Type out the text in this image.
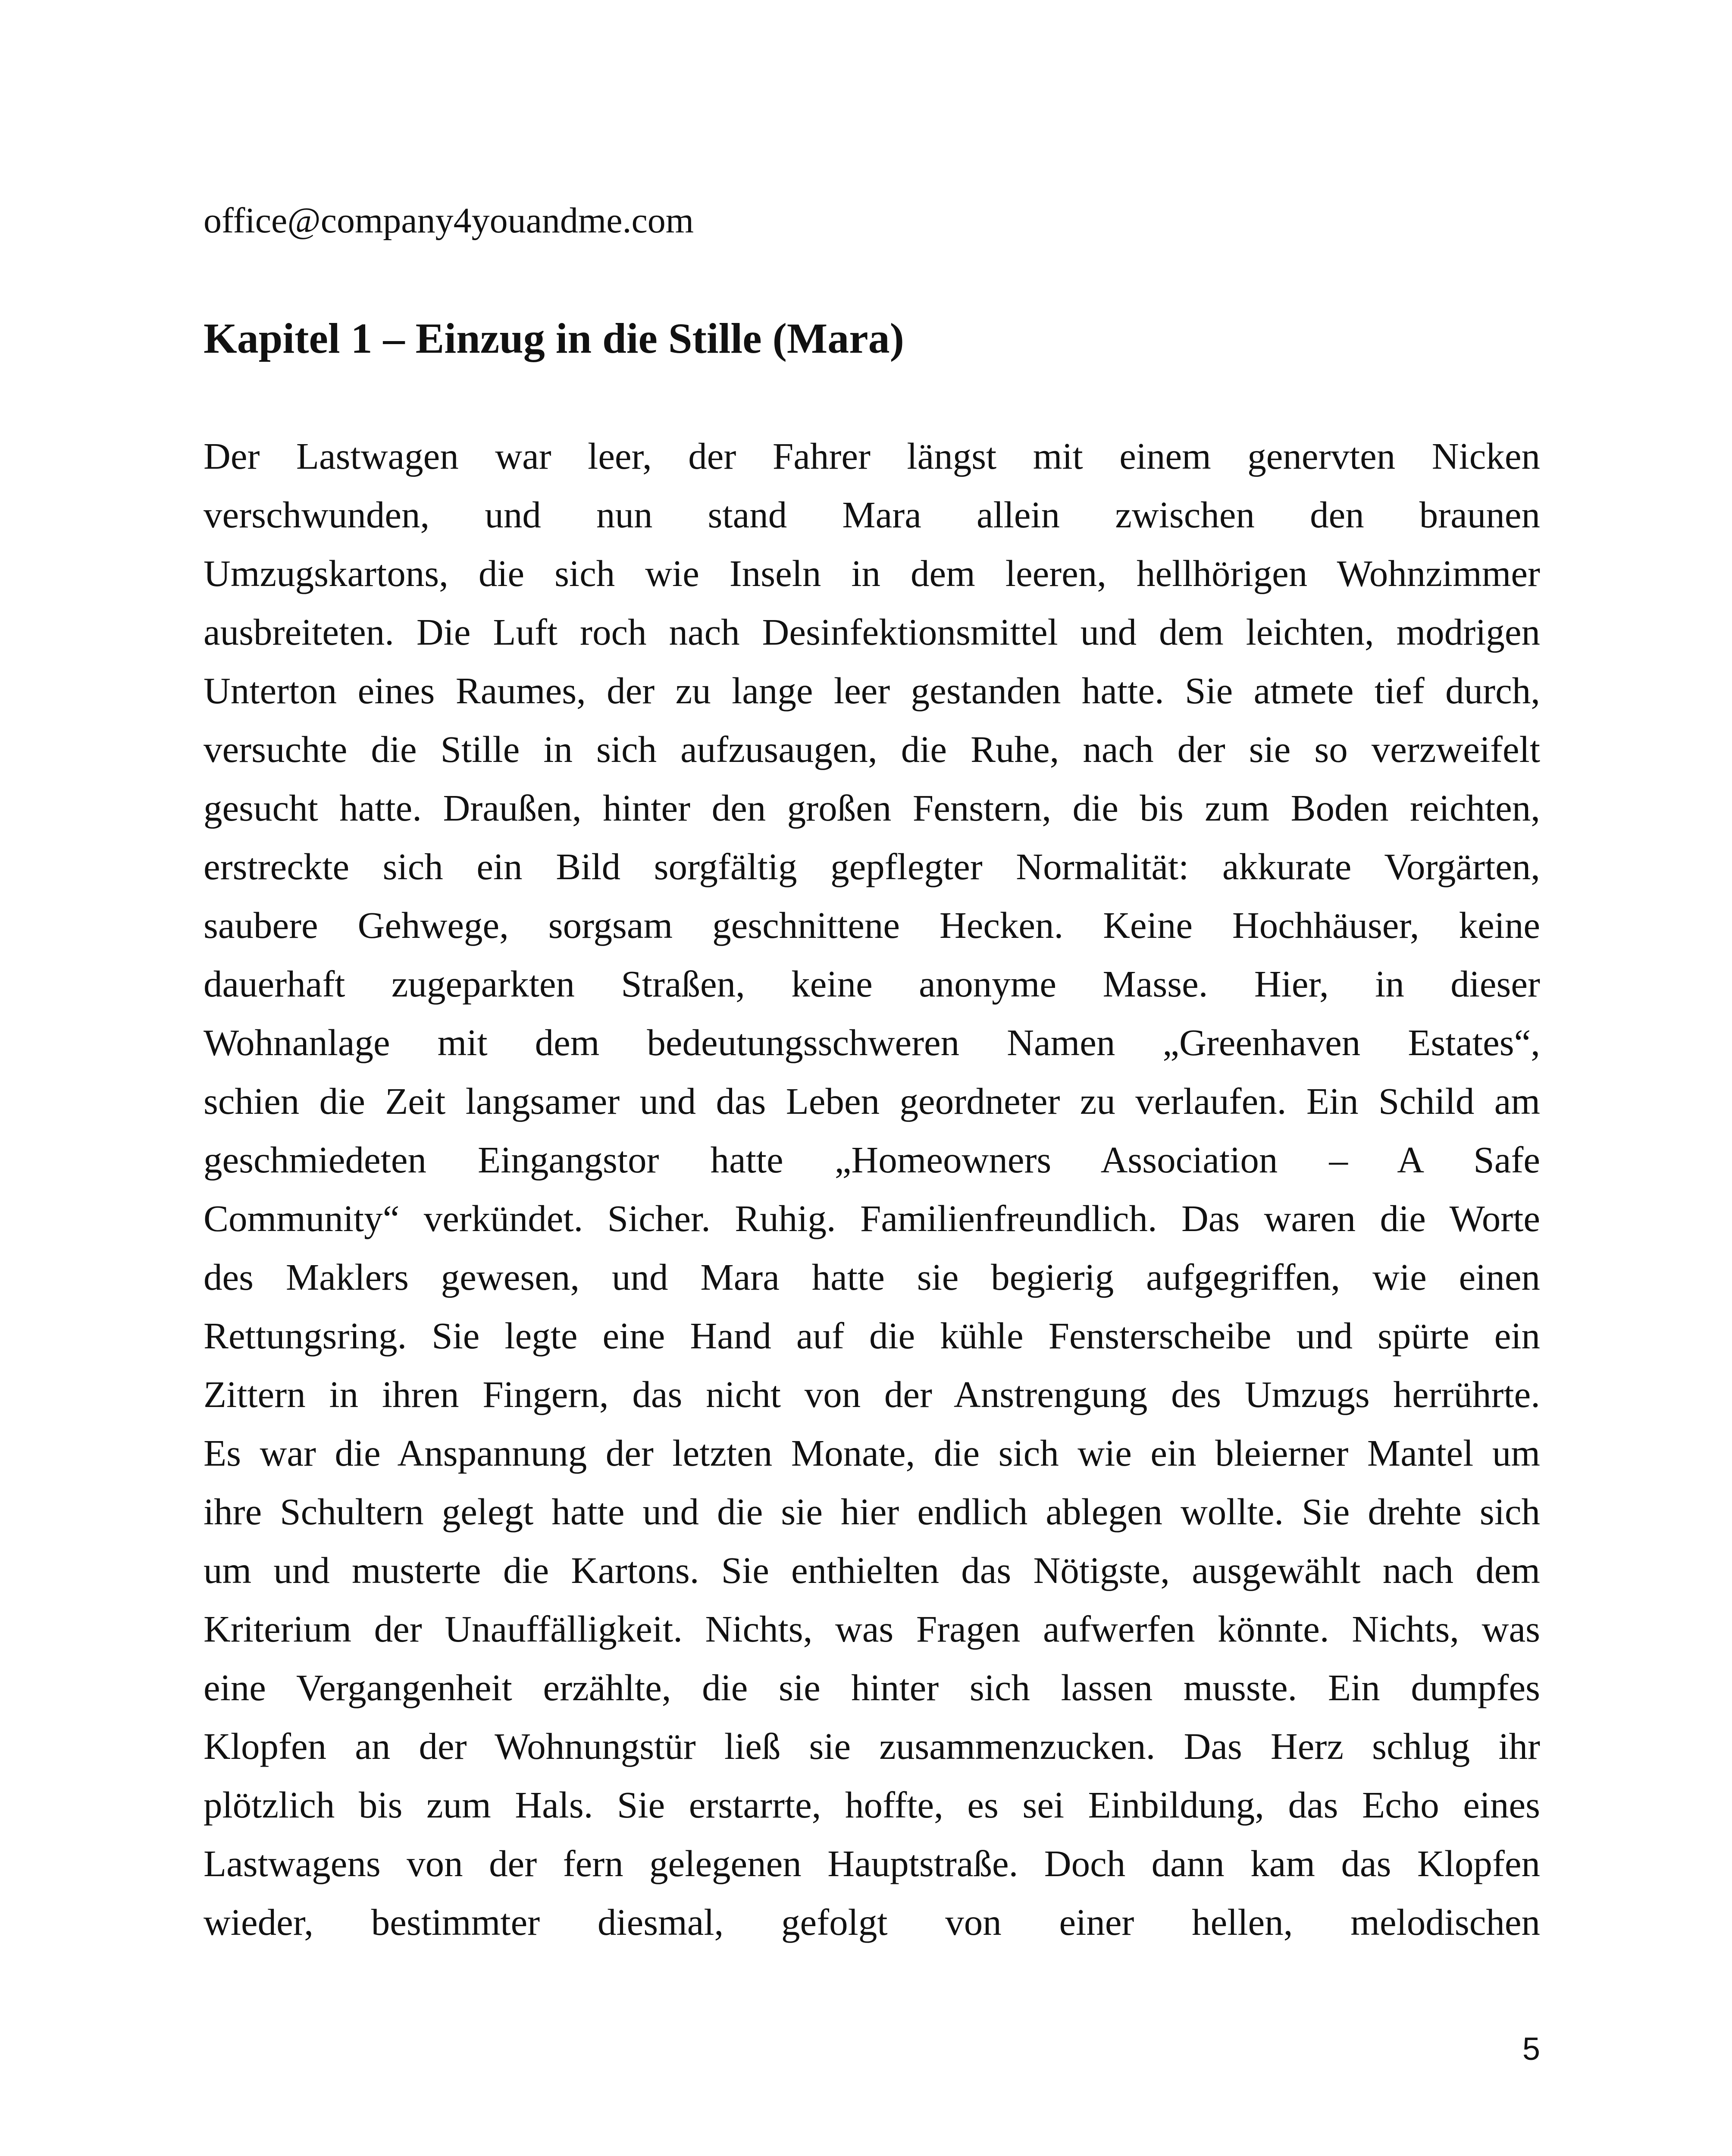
office@company4youandme.com
Kapitel 1 – Einzug in die Stille (Mara)
Der Lastwagen war leer, der Fahrer längst mit einem genervten Nicken
verschwunden, und nun stand Mara allein zwischen den braunen
Umzugskartons, die sich wie Inseln in dem leeren, hellhörigen Wohnzimmer
ausbreiteten. Die Luft roch nach Desinfektionsmittel und dem leichten, modrigen
Unterton eines Raumes, der zu lange leer gestanden hatte. Sie atmete tief durch,
versuchte die Stille in sich aufzusaugen, die Ruhe, nach der sie so verzweifelt
gesucht hatte. Draußen, hinter den großen Fenstern, die bis zum Boden reichten,
erstreckte sich ein Bild sorgfältig gepflegter Normalität: akkurate Vorgärten,
saubere Gehwege, sorgsam geschnittene Hecken. Keine Hochhäuser, keine
dauerhaft zugeparkten Straßen, keine anonyme Masse. Hier, in dieser
Wohnanlage mit dem bedeutungsschweren Namen „Greenhaven Estates“,
schien die Zeit langsamer und das Leben geordneter zu verlaufen. Ein Schild am
geschmiedeten Eingangstor hatte „Homeowners Association – A Safe
Community“ verkündet. Sicher. Ruhig. Familienfreundlich. Das waren die Worte
des Maklers gewesen, und Mara hatte sie begierig aufgegriffen, wie einen
Rettungsring. Sie legte eine Hand auf die kühle Fensterscheibe und spürte ein
Zittern in ihren Fingern, das nicht von der Anstrengung des Umzugs herrührte.
Es war die Anspannung der letzten Monate, die sich wie ein bleierner Mantel um
ihre Schultern gelegt hatte und die sie hier endlich ablegen wollte. Sie drehte sich
um und musterte die Kartons. Sie enthielten das Nötigste, ausgewählt nach dem
Kriterium der Unauffälligkeit. Nichts, was Fragen aufwerfen könnte. Nichts, was
eine Vergangenheit erzählte, die sie hinter sich lassen musste. Ein dumpfes
Klopfen an der Wohnungstür ließ sie zusammenzucken. Das Herz schlug ihr
plötzlich bis zum Hals. Sie erstarrte, hoffte, es sei Einbildung, das Echo eines
Lastwagens von der fern gelegenen Hauptstraße. Doch dann kam das Klopfen
wieder, bestimmter diesmal, gefolgt von einer hellen, melodischen
5
